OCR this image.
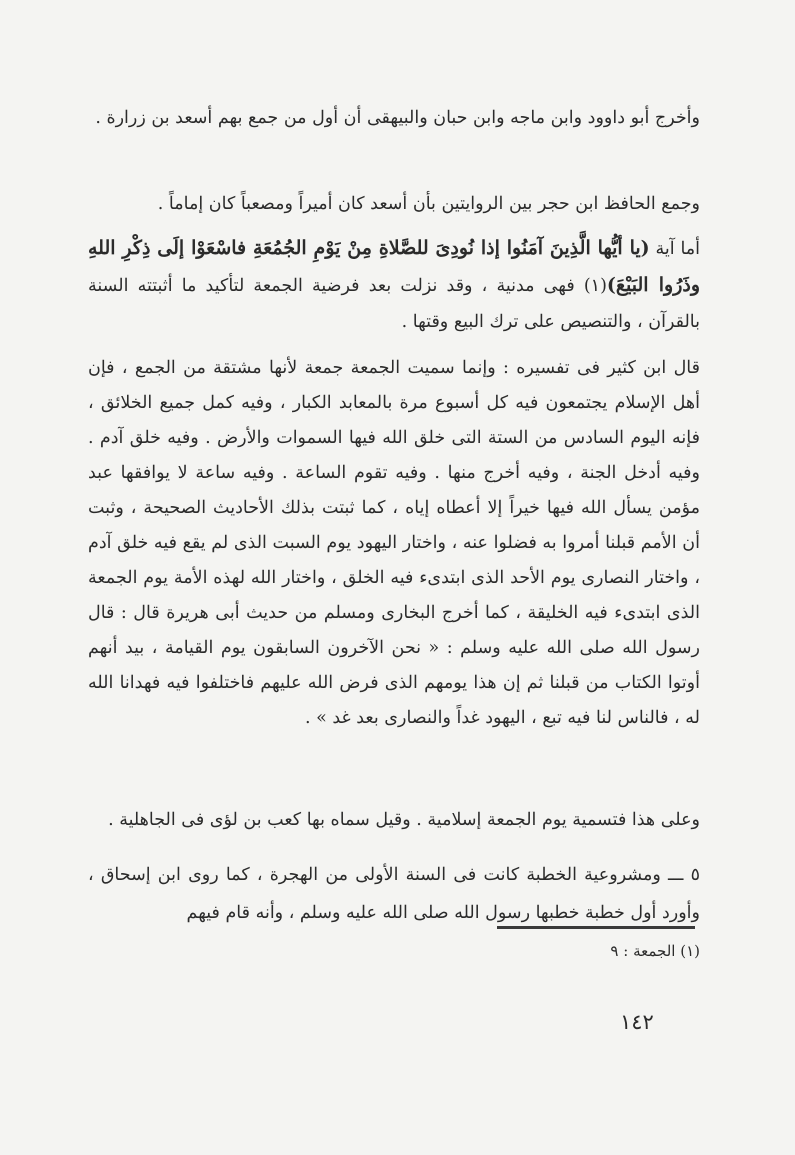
وأخرج أبو داوود وابن ماجه وابن حبان والبيهقى أن أول من جمع بهم أسعد بن زرارة .

وجمع الحافظ ابن حجر بين الروايتين بأن أسعد كان أميراً ومصعباً كان إماماً .

أما آية (يا أيُّها الَّذِينَ آمَنُوا إذا نُودِىَ للصَّلاةِ مِنْ يَوْمِ الجُمُعَةِ فاسْعَوْا إلَى ذِكْرِ اللهِ وذَرُوا البَيْعَ)(١) فهى مدنية ، وقد نزلت بعد فرضية الجمعة لتأكيد ما أثبتته السنة بالقرآن ، والتنصيص على ترك البيع وقتها .

قال ابن كثير فى تفسيره : وإنما سميت الجمعة جمعة لأنها مشتقة من الجمع ، فإن أهل الإسلام يجتمعون فيه كل أسبوع مرة بالمعابد الكبار ، وفيه كمل جميع الخلائق ، فإنه اليوم السادس من الستة التى خلق الله فيها السموات والأرض . وفيه خلق آدم . وفيه أدخل الجنة ، وفيه أخرج منها . وفيه تقوم الساعة . وفيه ساعة لا يوافقها عبد مؤمن يسأل الله فيها خيراً إلا أعطاه إياه ، كما ثبتت بذلك الأحاديث الصحيحة ، وثبت أن الأمم قبلنا أمروا به فضلوا عنه ، واختار اليهود يوم السبت الذى لم يقع فيه خلق آدم ، واختار النصارى يوم الأحد الذى ابتدىء فيه الخلق ، واختار الله لهذه الأمة يوم الجمعة الذى ابتدىء فيه الخليقة ، كما أخرج البخارى ومسلم من حديث أبى هريرة قال : قال رسول الله صلى الله عليه وسلم : « نحن الآخرون السابقون يوم القيامة ، بيد أنهم أوتوا الكتاب من قبلنا ثم إن هذا يومهم الذى فرض الله عليهم فاختلفوا فيه فهدانا الله له ، فالناس لنا فيه تبع ، اليهود غداً والنصارى بعد غد » .

وعلى هذا فتسمية يوم الجمعة إسلامية . وقيل سماه بها كعب بن لؤى فى الجاهلية .

٥ ـــ ومشروعية الخطبة كانت فى السنة الأولى من الهجرة ، كما روى ابن إسحاق ، وأورد أول خطبة خطبها رسول الله صلى الله عليه وسلم ، وأنه قام فيهم

(١) الجمعة : ٩
١٤٢
